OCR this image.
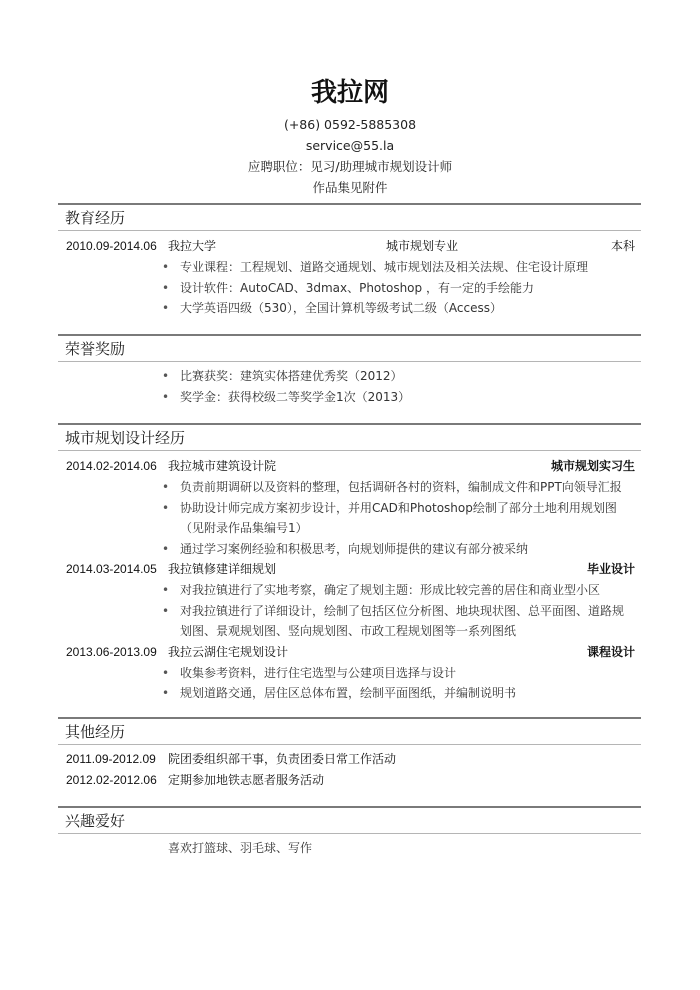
我拉网
(+86) 0592-5885308
service@55.la
应聘职位：见习/助理城市规划设计师
作品集见附件
教育经历
2010.09-2014.06 我拉大学	城市规划专业	本科
• 专业课程：工程规划、道路交通规划、城市规划法及相关法规、住宅设计原理
• 设计软件：AutoCAD、3dmax、Photoshop ，有一定的手绘能力
• 大学英语四级（530），全国计算机等级考试二级（Access）
荣誉奖励
• 比赛获奖：建筑实体搭建优秀奖（2012）
• 奖学金：获得校级二等奖学金1次（2013）
城市规划设计经历
2014.02-2014.06 我拉城市建筑设计院	城市规划实习生
• 负责前期调研以及资料的整理，包括调研各村的资料，编制成文件和PPT向领导汇报
• 协助设计师完成方案初步设计，并用CAD和Photoshop绘制了部分土地利用规划图（见附录作品集编号1）
• 通过学习案例经验和积极思考，向规划师提供的建议有部分被采纳
2014.03-2014.05 我拉镇修建详细规划	毕业设计
• 对我拉镇进行了实地考察，确定了规划主题：形成比较完善的居住和商业型小区
• 对我拉镇进行了详细设计，绘制了包括区位分析图、地块现状图、总平面图、道路规划图、景观规划图、竖向规划图、市政工程规划图等一系列图纸
2013.06-2013.09 我拉云湖住宅规划设计	课程设计
• 收集参考资料，进行住宅选型与公建项目选择与设计
• 规划道路交通，居住区总体布置，绘制平面图纸，并编制说明书
其他经历
2011.09-2012.09 院团委组织部干事，负责团委日常工作活动
2012.02-2012.06 定期参加地铁志愿者服务活动
兴趣爱好
喜欢打篮球、羽毛球、写作
